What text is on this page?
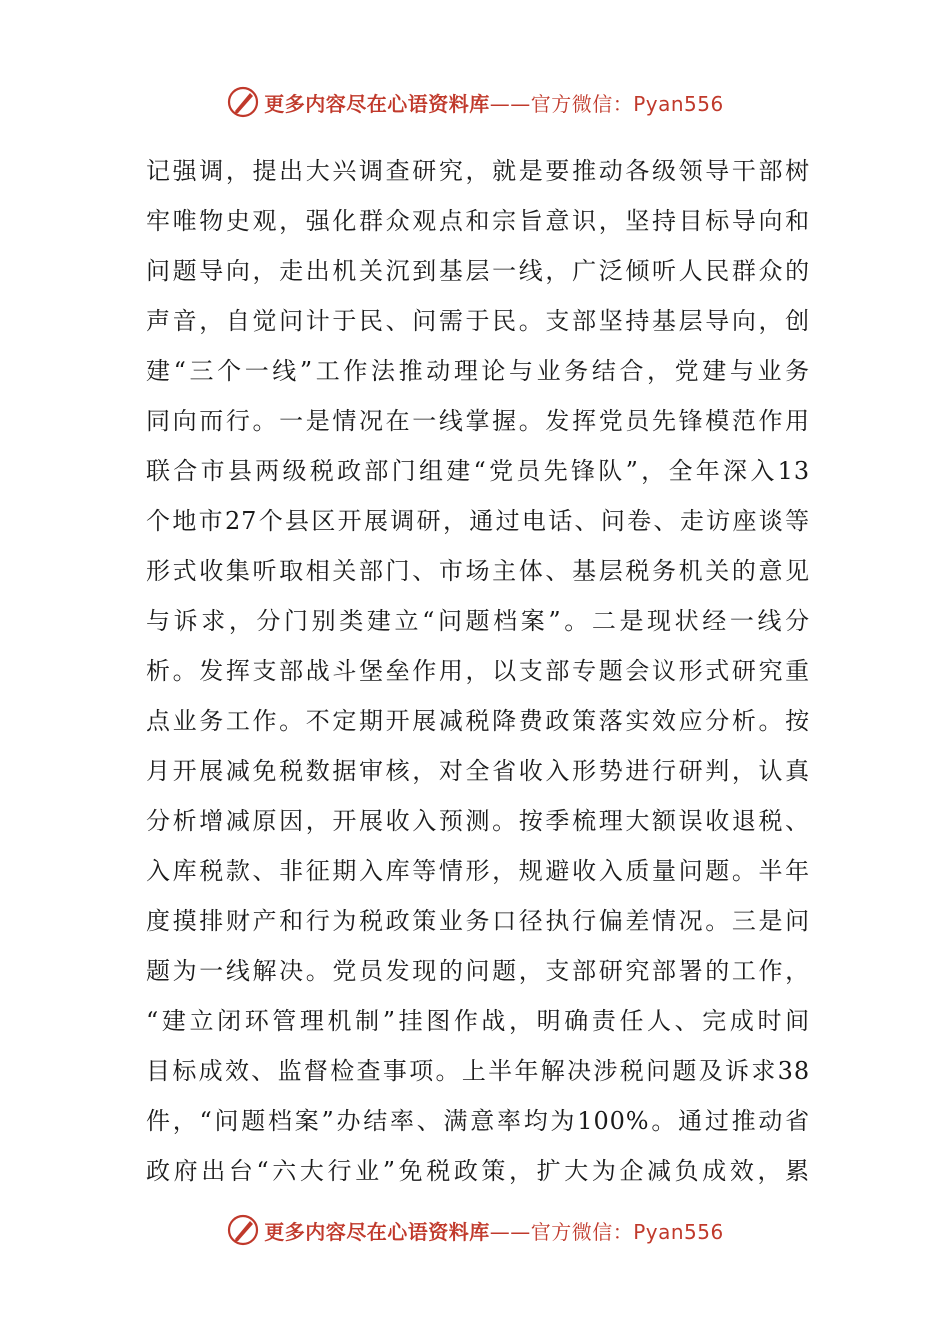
更多内容尽在心语资料库——官方微信：Pyan556
记强调，提出大兴调查研究，就是要推动各级领导干部树
牢唯物史观，强化群众观点和宗旨意识，坚持目标导向和
问题导向，走出机关沉到基层一线，广泛倾听人民群众的
声音，自觉问计于民、问需于民。支部坚持基层导向，创
建“三个一线”工作法推动理论与业务结合，党建与业务
同向而行。一是情况在一线掌握。发挥党员先锋模范作用
联合市县两级税政部门组建“党员先锋队”，全年深入13
个地市27个县区开展调研，通过电话、问卷、走访座谈等
形式收集听取相关部门、市场主体、基层税务机关的意见
与诉求，分门别类建立“问题档案”。二是现状经一线分
析。发挥支部战斗堡垒作用，以支部专题会议形式研究重
点业务工作。不定期开展减税降费政策落实效应分析。按
月开展减免税数据审核，对全省收入形势进行研判，认真
分析增减原因，开展收入预测。按季梳理大额误收退税、
入库税款、非征期入库等情形，规避收入质量问题。半年
度摸排财产和行为税政策业务口径执行偏差情况。三是问
题为一线解决。党员发现的问题，支部研究部署的工作，
“建立闭环管理机制”挂图作战，明确责任人、完成时间
目标成效、监督检查事项。上半年解决涉税问题及诉求38
件，“问题档案”办结率、满意率均为100%。通过推动省
政府出台“六大行业”免税政策，扩大为企减负成效，累
更多内容尽在心语资料库——官方微信：Pyan556
